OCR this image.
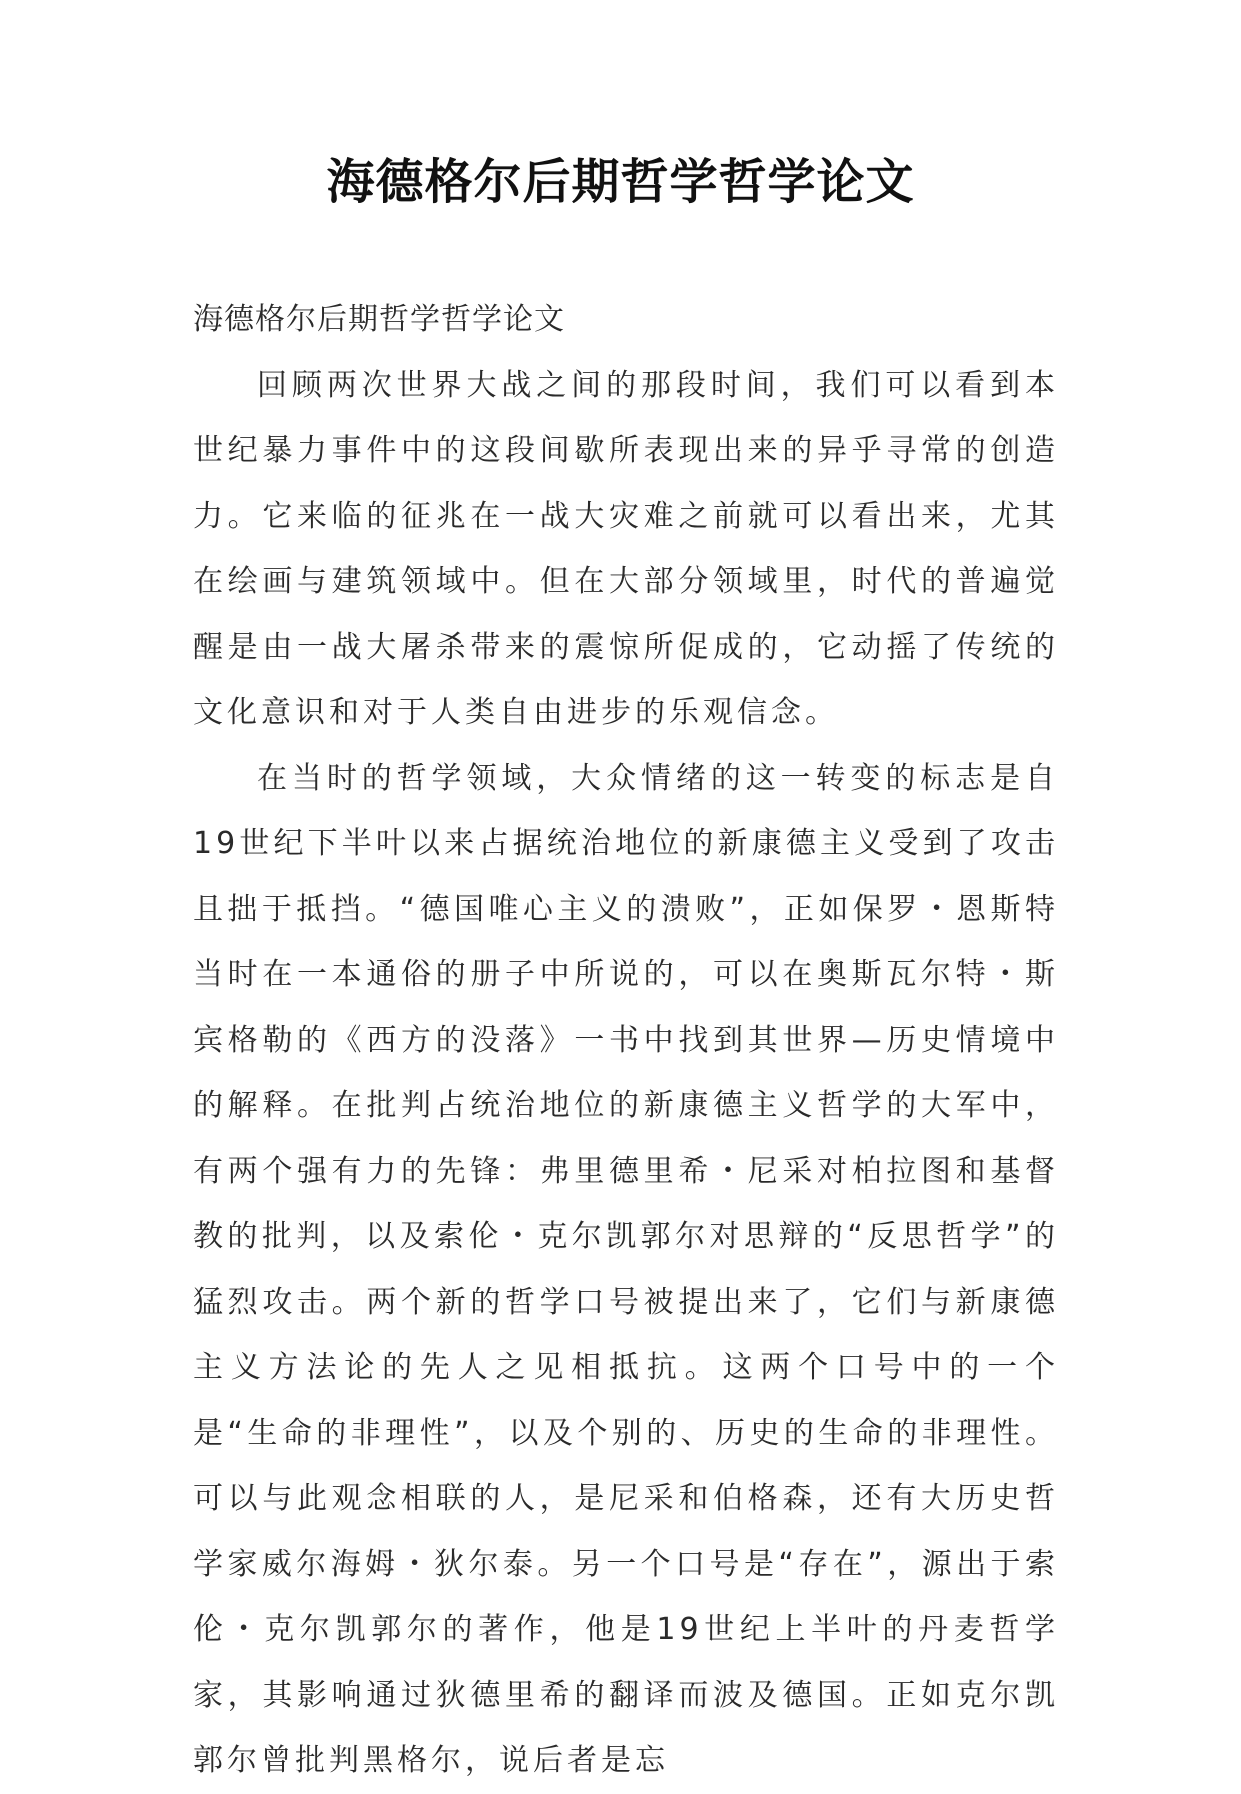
海德格尔后期哲学哲学论文

海德格尔后期哲学哲学论文

回顾两次世界大战之间的那段时间，我们可以看到本世纪暴力事件中的这段间歇所表现出来的异乎寻常的创造力。它来临的征兆在一战大灾难之前就可以看出来，尤其在绘画与建筑领域中。但在大部分领域里，时代的普遍觉醒是由一战大屠杀带来的震惊所促成的，它动摇了传统的文化意识和对于人类自由进步的乐观信念。

在当时的哲学领域，大众情绪的这一转变的标志是自19世纪下半叶以来占据统治地位的新康德主义受到了攻击且拙于抵挡。“德国唯心主义的溃败”，正如保罗・恩斯特当时在一本通俗的册子中所说的，可以在奥斯瓦尔特・斯宾格勒的《西方的没落》一书中找到其世界—历史情境中的解释。在批判占统治地位的新康德主义哲学的大军中，有两个强有力的先锋：弗里德里希・尼采对柏拉图和基督教的批判，以及索伦・克尔凯郭尔对思辩的“反思哲学”的猛烈攻击。两个新的哲学口号被提出来了，它们与新康德主义方法论的先人之见相抵抗。这两个口号中的一个是“生命的非理性”，以及个别的、历史的生命的非理性。可以与此观念相联的人，是尼采和伯格森，还有大历史哲学家威尔海姆・狄尔泰。另一个口号是“存在”，源出于索伦・克尔凯郭尔的著作，他是19世纪上半叶的丹麦哲学家，其影响通过狄德里希的翻译而波及德国。正如克尔凯郭尔曾批判黑格尔，说后者是忘
